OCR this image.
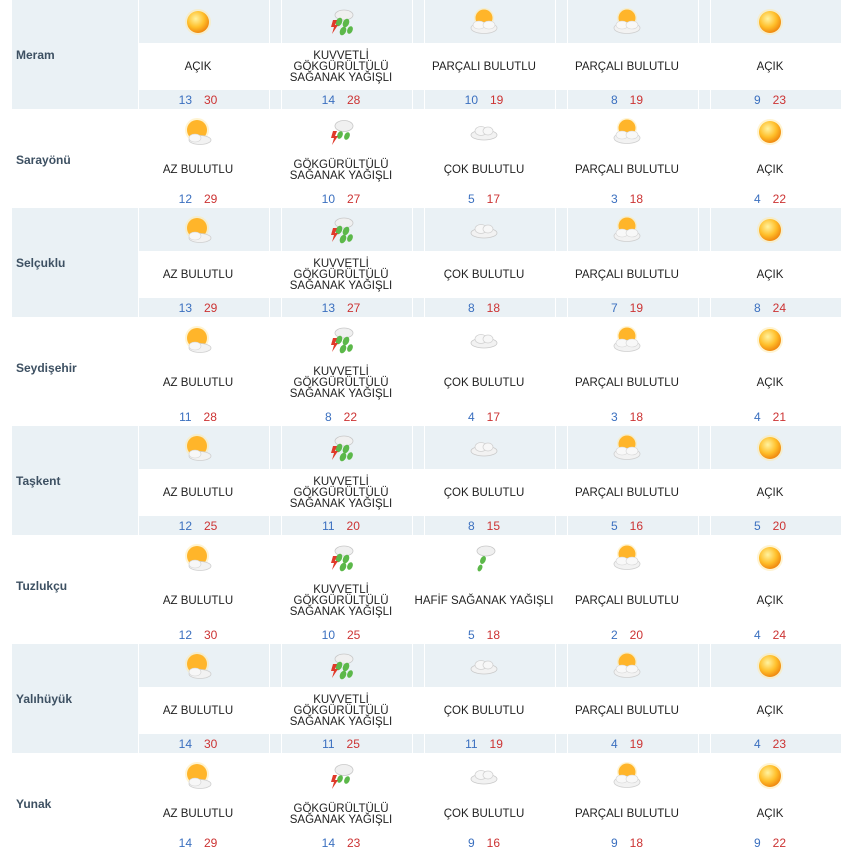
Meram
AÇIK
13 30
KUVVETLİ
GÖKGÜRÜLTÜLÜ
SAĞANAK YAĞIŞLI
14 28
PARÇALI BULUTLU
10 19
PARÇALI BULUTLU
8 19
AÇIK
9 23
Sarayönü
AZ BULUTLU
12 29
GÖKGÜRÜLTÜLÜ
SAĞANAK YAĞIŞLI
10 27
ÇOK BULUTLU
5 17
PARÇALI BULUTLU
3 18
AÇIK
4 22
Selçuklu
AZ BULUTLU
13 29
KUVVETLİ
GÖKGÜRÜLTÜLÜ
SAĞANAK YAĞIŞLI
13 27
ÇOK BULUTLU
8 18
PARÇALI BULUTLU
7 19
AÇIK
8 24
Seydişehir
AZ BULUTLU
11 28
KUVVETLİ
GÖKGÜRÜLTÜLÜ
SAĞANAK YAĞIŞLI
8 22
ÇOK BULUTLU
4 17
PARÇALI BULUTLU
3 18
AÇIK
4 21
Taşkent
AZ BULUTLU
12 25
KUVVETLİ
GÖKGÜRÜLTÜLÜ
SAĞANAK YAĞIŞLI
11 20
ÇOK BULUTLU
8 15
PARÇALI BULUTLU
5 16
AÇIK
5 20
Tuzlukçu
AZ BULUTLU
12 30
KUVVETLİ
GÖKGÜRÜLTÜLÜ
SAĞANAK YAĞIŞLI
10 25
HAFİF SAĞANAK YAĞIŞLI
5 18
PARÇALI BULUTLU
2 20
AÇIK
4 24
Yalıhüyük
AZ BULUTLU
14 30
KUVVETLİ
GÖKGÜRÜLTÜLÜ
SAĞANAK YAĞIŞLI
11 25
ÇOK BULUTLU
11 19
PARÇALI BULUTLU
4 19
AÇIK
4 23
Yunak
AZ BULUTLU
14 29
GÖKGÜRÜLTÜLÜ
SAĞANAK YAĞIŞLI
14 23
ÇOK BULUTLU
9 16
PARÇALI BULUTLU
9 18
AÇIK
9 22
